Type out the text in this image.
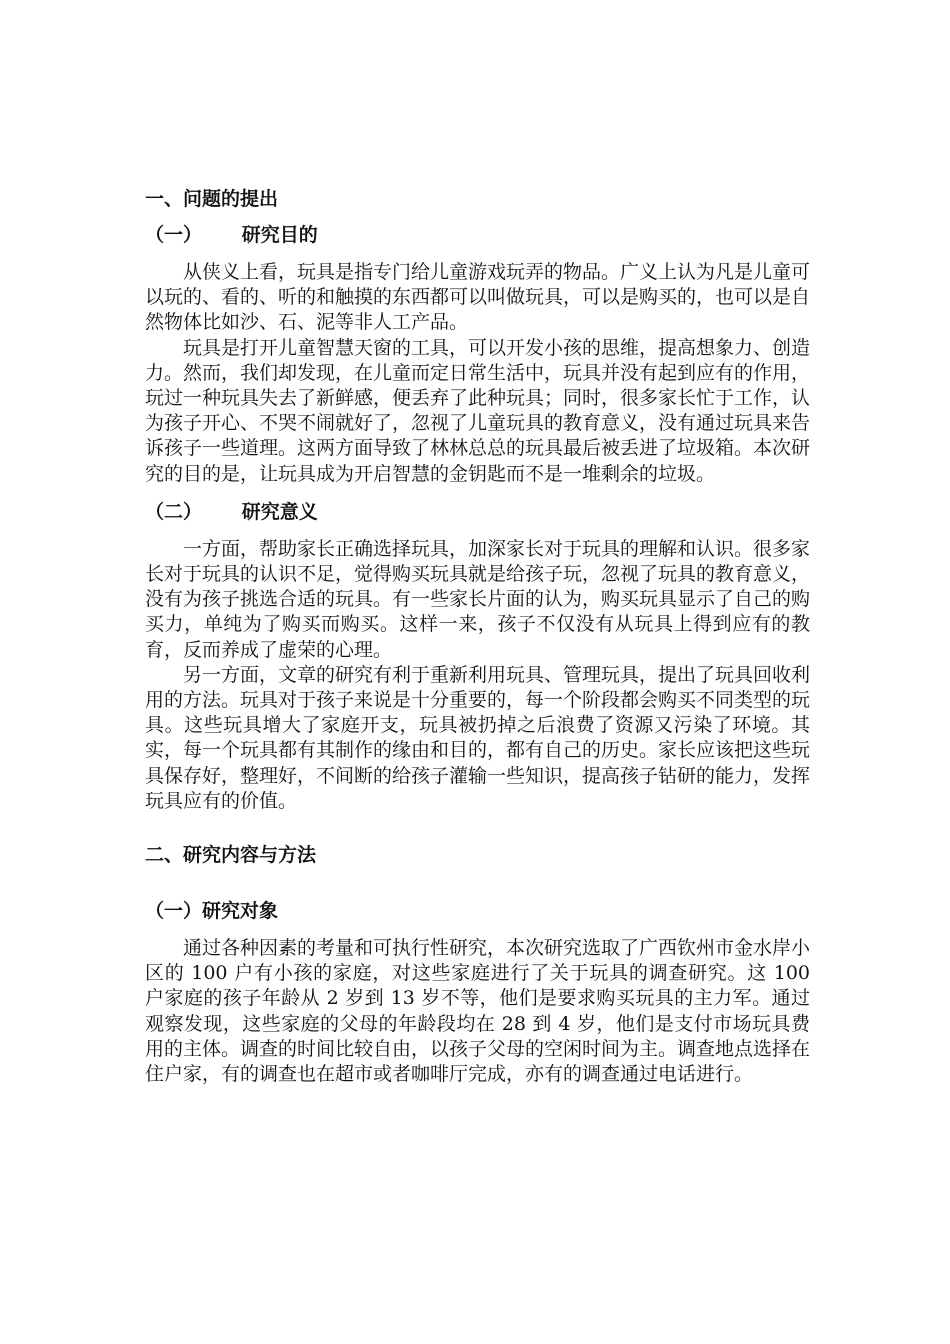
一、问题的提出
（一）      研究目的

从侠义上看，玩具是指专门给儿童游戏玩弄的物品。广义上认为凡是儿童可以玩的、看的、听的和触摸的东西都可以叫做玩具，可以是购买的，也可以是自然物体比如沙、石、泥等非人工产品。

玩具是打开儿童智慧天窗的工具，可以开发小孩的思维，提高想象力、创造力。然而，我们却发现，在儿童而定日常生活中，玩具并没有起到应有的作用，玩过一种玩具失去了新鲜感，便丢弃了此种玩具；同时，很多家长忙于工作，认为孩子开心、不哭不闹就好了，忽视了儿童玩具的教育意义，没有通过玩具来告诉孩子一些道理。这两方面导致了林林总总的玩具最后被丢进了垃圾箱。本次研究的目的是，让玩具成为开启智慧的金钥匙而不是一堆剩余的垃圾。

（二）      研究意义

一方面，帮助家长正确选择玩具，加深家长对于玩具的理解和认识。很多家长对于玩具的认识不足，觉得购买玩具就是给孩子玩，忽视了玩具的教育意义，没有为孩子挑选合适的玩具。有一些家长片面的认为，购买玩具显示了自己的购买力，单纯为了购买而购买。这样一来，孩子不仅没有从玩具上得到应有的教育，反而养成了虚荣的心理。

另一方面，文章的研究有利于重新利用玩具、管理玩具，提出了玩具回收利用的方法。玩具对于孩子来说是十分重要的，每一个阶段都会购买不同类型的玩具。这些玩具增大了家庭开支，玩具被扔掉之后浪费了资源又污染了环境。其实，每一个玩具都有其制作的缘由和目的，都有自己的历史。家长应该把这些玩具保存好，整理好，不间断的给孩子灌输一些知识，提高孩子钻研的能力，发挥玩具应有的价值。

二、研究内容与方法
（一）研究对象

通过各种因素的考量和可执行性研究，本次研究选取了广西钦州市金水岸小区的 100 户有小孩的家庭，对这些家庭进行了关于玩具的调查研究。这 100 户家庭的孩子年龄从 2 岁到 13 岁不等，他们是要求购买玩具的主力军。通过观察发现，这些家庭的父母的年龄段均在 28 到 4 岁，他们是支付市场玩具费用的主体。调查的时间比较自由，以孩子父母的空闲时间为主。调查地点选择在住户家，有的调查也在超市或者咖啡厅完成，亦有的调查通过电话进行。
